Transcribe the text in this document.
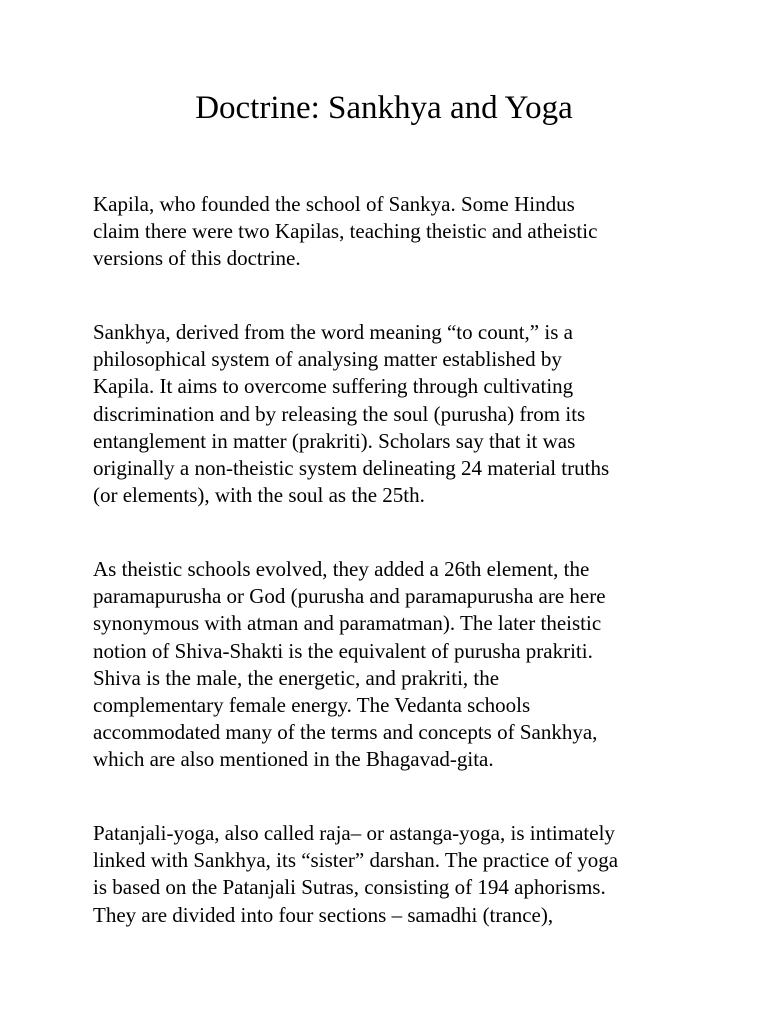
Doctrine: Sankhya and Yoga

Kapila, who founded the school of Sankya. Some Hindus
claim there were two Kapilas, teaching theistic and atheistic
versions of this doctrine.

Sankhya, derived from the word meaning “to count,” is a
philosophical system of analysing matter established by
Kapila. It aims to overcome suffering through cultivating
discrimination and by releasing the soul (purusha) from its
entanglement in matter (prakriti). Scholars say that it was
originally a non-theistic system delineating 24 material truths
(or elements), with the soul as the 25th.

As theistic schools evolved, they added a 26th element, the
paramapurusha or God (purusha and paramapurusha are here
synonymous with atman and paramatman). The later theistic
notion of Shiva-Shakti is the equivalent of purusha prakriti.
Shiva is the male, the energetic, and prakriti, the
complementary female energy. The Vedanta schools
accommodated many of the terms and concepts of Sankhya,
which are also mentioned in the Bhagavad-gita.

Patanjali-yoga, also called raja– or astanga-yoga, is intimately
linked with Sankhya, its “sister” darshan. The practice of yoga
is based on the Patanjali Sutras, consisting of 194 aphorisms.
They are divided into four sections – samadhi (trance),
